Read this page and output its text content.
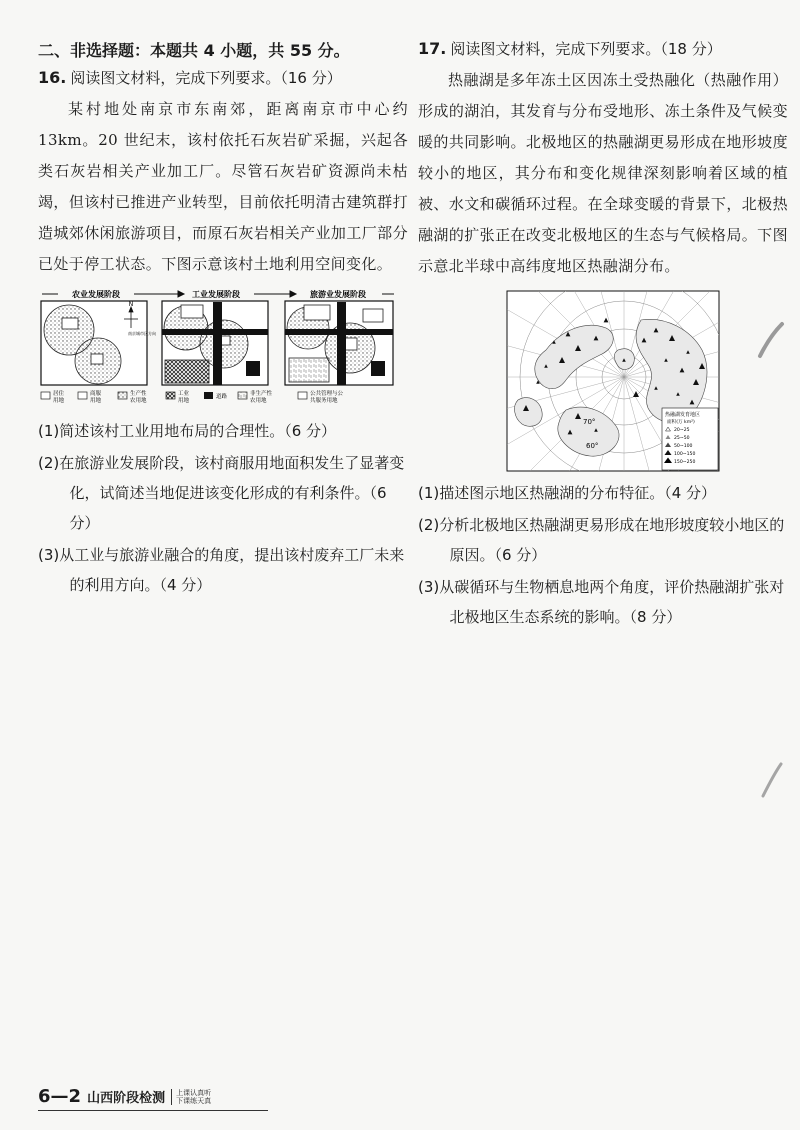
二、非选择题：本题共 4 小题，共 55 分。

16. 阅读图文材料，完成下列要求。（16 分）

某村地处南京市东南郊，距离南京市中心约 13km。20 世纪末，该村依托石灰岩矿采掘，兴起各类石灰岩相关产业加工厂。尽管石灰岩矿资源尚未枯竭，但该村已推进产业转型，目前依托明清古建筑群打造城郊休闲旅游项目，而原石灰岩相关产业加工厂部分已处于停工状态。下图示意该村土地利用空间变化。

农业发展阶段	工业发展阶段	旅游业发展阶段
N
南京城市区方向
居住
用地
商服
用地
生产性
农用地
工业
用地
道路	非生产性
农用地
公共管理与公
共服务用地

(1)简述该村工业用地布局的合理性。（6 分）

(2)在旅游业发展阶段，该村商服用地面积发生了显著变化，试简述当地促进该变化形成的有利条件。（6 分）

(3)从工业与旅游业融合的角度，提出该村废弃工厂未来的利用方向。（4 分）

17. 阅读图文材料，完成下列要求。（18 分）

热融湖是多年冻土区因冻土受热融化（热融作用）形成的湖泊，其发育与分布受地形、冻土条件及气候变暖的共同影响。北极地区的热融湖更易形成在地形坡度较小的地区，其分布和变化规律深刻影响着区域的植被、水文和碳循环过程。在全球变暖的背景下，北极热融湖的扩张正在改变北极地区的生态与气候格局。下图示意北半球中高纬度地区热融湖分布。

70°
60°
热融湖发育地区
面积(万 km²)
20~25
25~50
50~100
100~150
150~250

(1)描述图示地区热融湖的分布特征。（4 分）

(2)分析北极地区热融湖更易形成在地形坡度较小地区的原因。（6 分）

(3)从碳循环与生物栖息地两个角度，评价热融湖扩张对北极地区生态系统的影响。（8 分）

6—2 山西阶段检测	上课认真听
下课练天真
